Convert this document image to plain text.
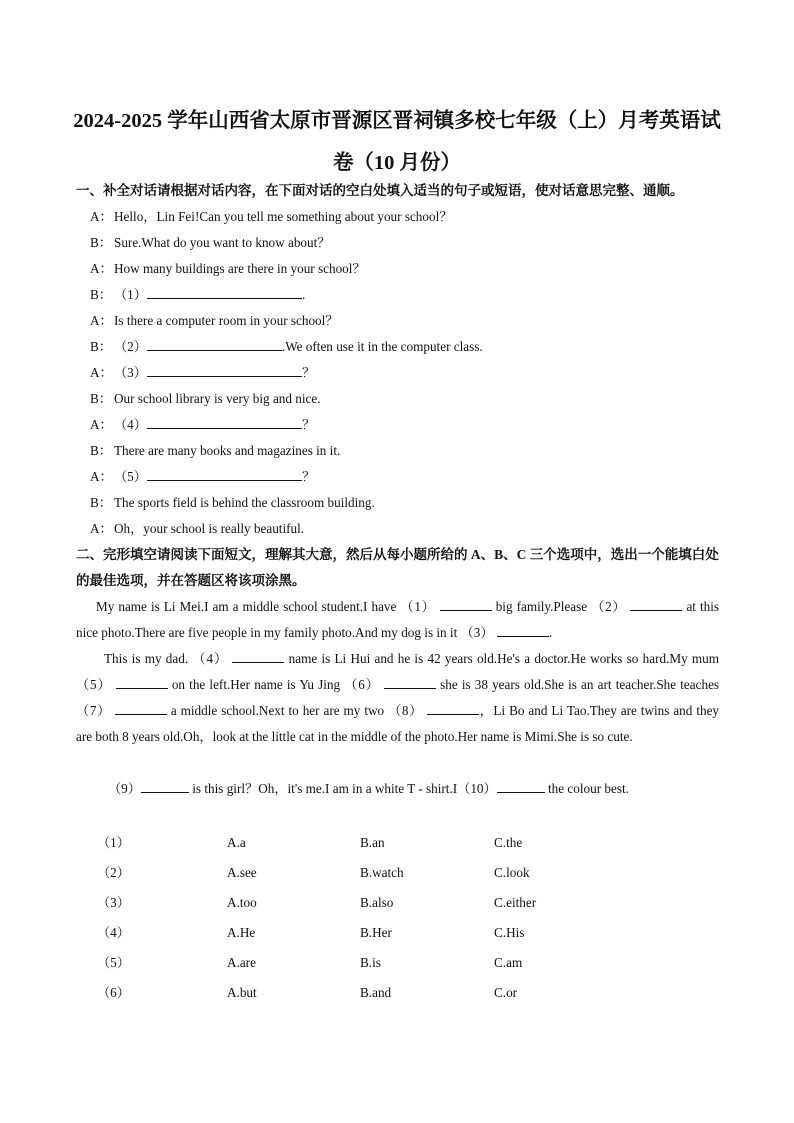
2024-2025 学年山西省太原市晋源区晋祠镇多校七年级（上）月考英语试
卷（10 月份）

一、补全对话请根据对话内容，在下面对话的空白处填入适当的句子或短语，使对话意思完整、通顺。

A：Hello，Lin Fei!Can you tell me something about your school？
B： Sure.What do you want to know about？
A：How many buildings are there in your school？
B： （1）	.
A：Is there a computer room in your school？
B： （2）	.We often use it in the computer class.
A：（3）	？
B： Our school library is very big and nice.
A：（4）	？
B： There are many books and magazines in it.
A：（5）	？
B： The sports field is behind the classroom building.
A：Oh，your school is really beautiful.

二、完形填空请阅读下面短文，理解其大意，然后从每小题所给的 A、B、C 三个选项中，选出一个能填白处的最佳选项，并在答题区将该项涂黑。

My name is Li Mei.I am a middle school student.I have （1）	big family.Please （2）	at this nice photo.There are five people in my family photo.And my dog is in it （3）	.

This is my dad. （4）	name is Li Hui and he is 42 years old.He's a doctor.He works so hard.My mum（5）	on the left.Her name is Yu Jing （6）	she is 38 years old.She is an art teacher.She teaches （7）	a middle school.Next to her are my two （8）	，Li Bo and Li Tao.They are twins and they are both 8 years old.Oh，look at the little cat in the middle of the photo.Her name is Mimi.She is so cute.

（9）	is this girl？Oh，it's me.I am in a white T - shirt.I（10）	the colour best.

（1）	A.a	B.an	C.the
（2）	A.see	B.watch	C.look
（3）	A.too	B.also	C.either
（4）	A.He	B.Her	C.His
（5）	A.are	B.is	C.am
（6）	A.but	B.and	C.or
